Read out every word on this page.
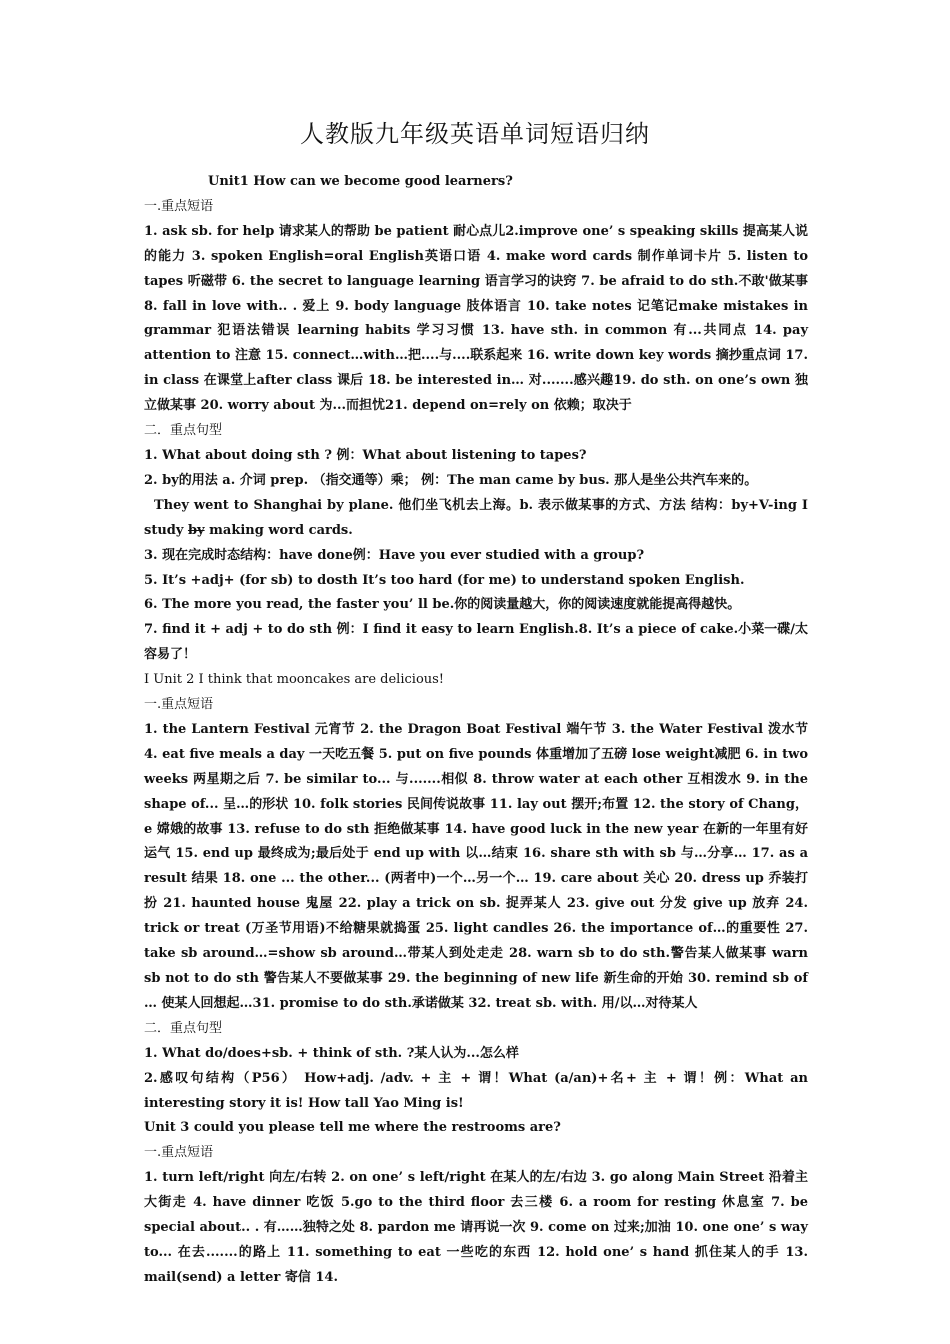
人教版九年级英语单词短语归纳
Unit1 How can we become good learners?
一.重点短语
1. ask sb. for help 请求某人的帮助 be patient 耐心点儿2.improve one’ s speaking skills 提高某人说的能力 3. spoken English=oral English英语口语 4. make word cards 制作单词卡片 5. listen to tapes 听磁带 6. the secret to language learning 语言学习的诀窍 7. be afraid to do sth.不敢'做某事 8. fall in love with.. . 爱上 9. body language 肢体语言 10. take notes 记笔记make mistakes in grammar 犯语法错误 learning habits 学习习惯 13. have sth. in common 有...共同点 14. pay attention to 注意 15. connect…with…把....与....联系起来 16. write down key words 摘抄重点词 17. in class 在课堂上after class 课后 18. be interested in… 对.......感兴趣19. do sth. on one’s own 独立做某事 20. worry about 为...而担忧21. depend on=rely on 依赖；取决于
二．重点句型
1. What about doing sth ? 例：What about listening to tapes?
2. by的用法 a. 介词 prep. （指交通等）乘； 例：The man came by bus. 那人是坐公共汽车来的。
They went to Shanghai by plane. 他们坐飞机去上海。b. 表示做某事的方式、方法 结构：by+V-ing I study by making word cards.
3. 现在完成时态结构：have done例：Have you ever studied with a group?
5. It’s +adj+ (for sb) to dosth It’s too hard (for me) to understand spoken English.
6. The more you read, the faster you’ ll be.你的阅读量越大，你的阅读速度就能提高得越快。
7. find it + adj + to do sth 例：I find it easy to learn English.8. It’s a piece of cake.小菜一碟/太容易了！
I Unit 2 I think that mooncakes are delicious!
一.重点短语
1. the Lantern Festival 元宵节 2. the Dragon Boat Festival 端午节 3. the Water Festival 泼水节 4. eat five meals a day 一天吃五餐 5. put on five pounds 体重增加了五磅 lose weight减肥 6. in two weeks 两星期之后 7. be similar to... 与.......相似 8. throw water at each other 互相泼水 9. in the shape of... 呈…的形状 10. folk stories 民间传说故事 11. lay out 摆开;布置 12. the story of Chang，e 嫦娥的故事 13. refuse to do sth 拒绝做某事 14. have good luck in the new year 在新的一年里有好运气 15. end up 最终成为;最后处于 end up with 以…结束 16. share sth with sb 与…分享… 17. as a result 结果 18. one ... the other... (两者中)一个…另一个… 19. care about 关心 20. dress up 乔装打扮 21. haunted house 鬼屋 22. play a trick on sb. 捉弄某人 23. give out 分发 give up 放弃 24. trick or treat (万圣节用语)不给糖果就捣蛋 25. light candles 26. the importance of…的重要性 27. take sb around…=show sb around…带某人到处走走 28. warn sb to do sth.警告某人做某事 warn sb not to do sth 警告某人不要做某事 29. the beginning of new life 新生命的开始 30. remind sb of … 使某人回想起…31. promise to do sth.承诺做某 32. treat sb. with. 用/以…对待某人
二．重点句型
1. What do/does+sb. + think of sth. ?某人认为...怎么样
2.感叹句结构（P56） How+adj. /adv. + 主 + 谓！What (a/an)+名+ 主 + 谓！例：What an interesting story it is! How tall Yao Ming is!
Unit 3 could you please tell me where the restrooms are?
一.重点短语
1. turn left/right 向左/右转 2. on one’ s left/right 在某人的左/右边 3. go along Main Street 沿着主大街走 4. have dinner 吃饭 5.go to the third floor 去三楼 6. a room for resting 休息室 7. be special about.. . 有……独特之处 8. pardon me 请再说一次 9. come on 过来;加油 10. one one’ s way to... 在去.......的路上 11. something to eat 一些吃的东西 12. hold one’ s hand 抓住某人的手 13. mail(send) a letter 寄信 14.
